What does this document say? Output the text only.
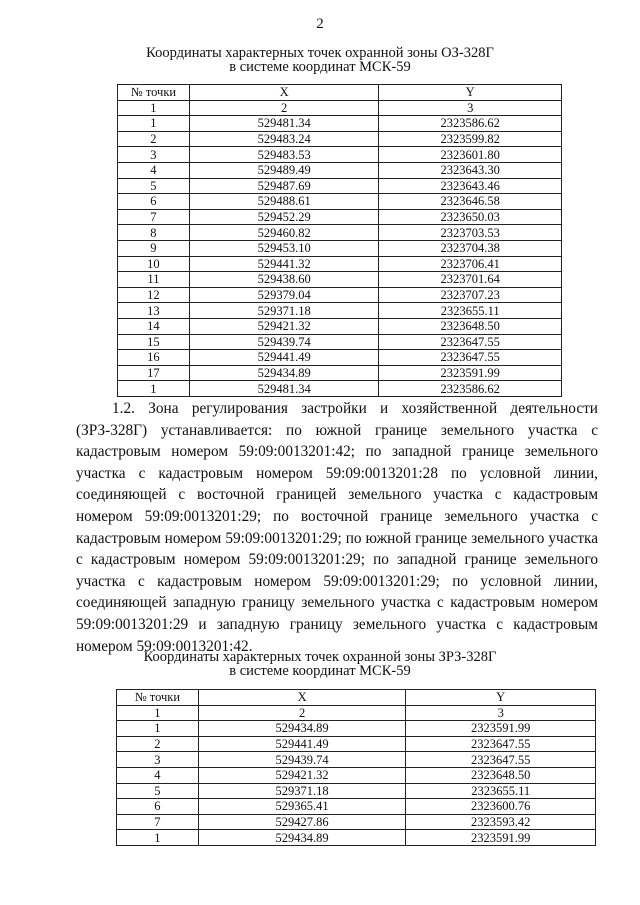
2
Координаты характерных точек охранной зоны ОЗ-328Г
в системе координат МСК-59
№ точки	X	Y
1	2	3
1	529481.34	2323586.62
2	529483.24	2323599.82
3	529483.53	2323601.80
4	529489.49	2323643.30
5	529487.69	2323643.46
6	529488.61	2323646.58
7	529452.29	2323650.03
8	529460.82	2323703.53
9	529453.10	2323704.38
10	529441.32	2323706.41
11	529438.60	2323701.64
12	529379.04	2323707.23
13	529371.18	2323655.11
14	529421.32	2323648.50
15	529439.74	2323647.55
16	529441.49	2323647.55
17	529434.89	2323591.99
1	529481.34	2323586.62
1.2. Зона регулирования застройки и хозяйственной деятельности (ЗРЗ-328Г) устанавливается: по южной границе земельного участка с кадастровым номером 59:09:0013201:42; по западной границе земельного участка с кадастровым номером 59:09:0013201:28 по условной линии, соединяющей с восточной границей земельного участка с кадастровым номером 59:09:0013201:29; по восточной границе земельного участка с кадастровым номером 59:09:0013201:29; по южной границе земельного участка с кадастровым номером 59:09:0013201:29; по западной границе земельного участка с кадастровым номером 59:09:0013201:29; по условной линии, соединяющей западную границу земельного участка с кадастровым номером 59:09:0013201:29 и западную границу земельного участка с кадастровым номером 59:09:0013201:42.
Координаты характерных точек охранной зоны ЗРЗ-328Г
в системе координат МСК-59
№ точки	X	Y
1	2	3
1	529434.89	2323591.99
2	529441.49	2323647.55
3	529439.74	2323647.55
4	529421.32	2323648.50
5	529371.18	2323655.11
6	529365.41	2323600.76
7	529427.86	2323593.42
1	529434.89	2323591.99
